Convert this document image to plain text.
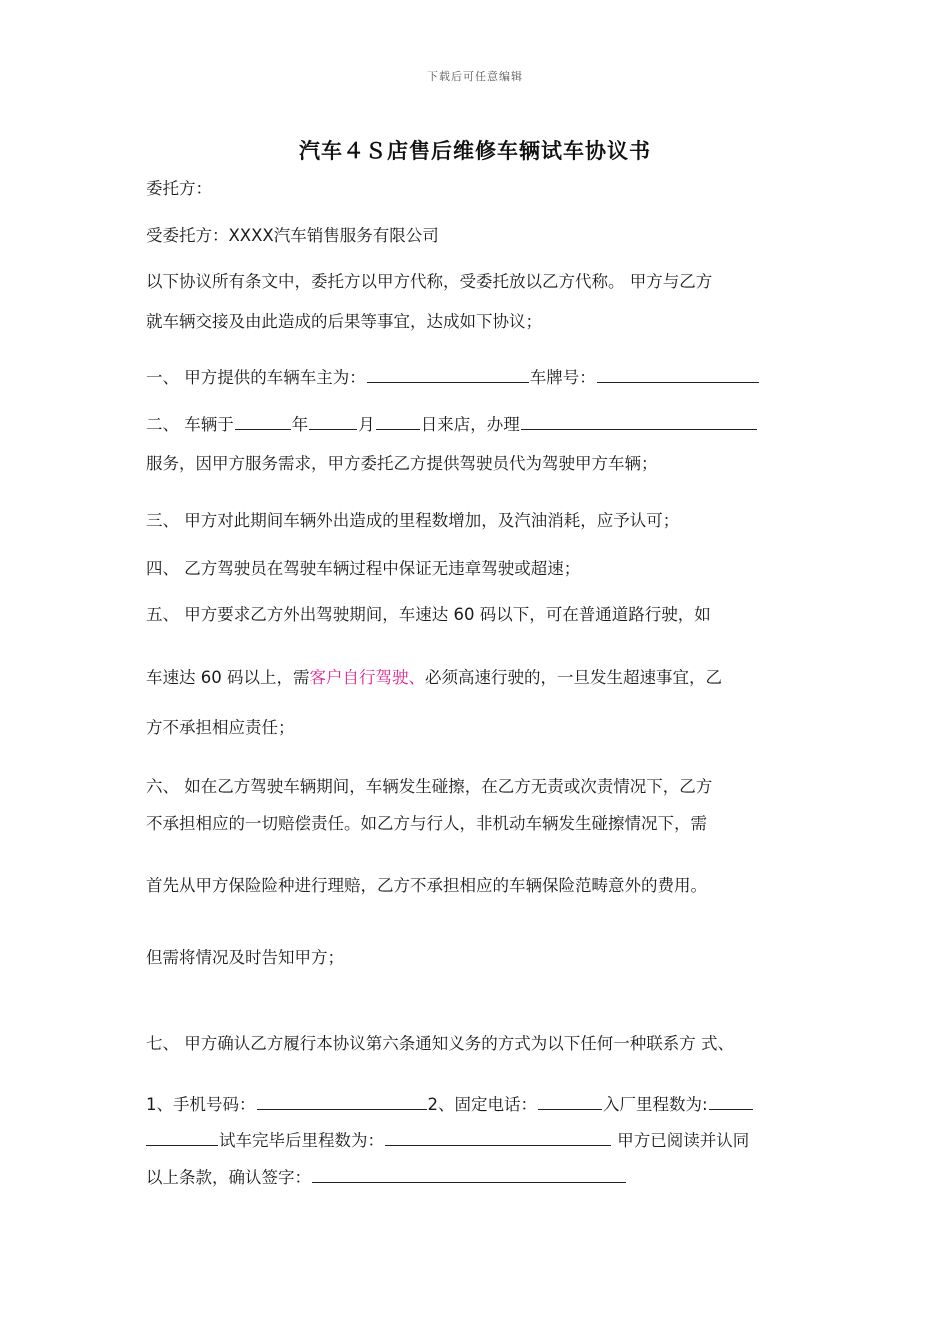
下载后可任意编辑
汽车４Ｓ店售后维修车辆试车协议书
委托方：
受委托方：XXXX汽车销售服务有限公司
以下协议所有条文中，委托方以甲方代称，受委托放以乙方代称。 甲方与乙方
就车辆交接及由此造成的后果等事宜，达成如下协议；
一、 甲方提供的车辆车主为：	车牌号：
二、 车辆于	年	月	日来店，办理
服务，因甲方服务需求，甲方委托乙方提供驾驶员代为驾驶甲方车辆；
三、 甲方对此期间车辆外出造成的里程数增加，及汽油消耗，应予认可；
四、 乙方驾驶员在驾驶车辆过程中保证无违章驾驶或超速；
五、 甲方要求乙方外出驾驶期间，车速达 60 码以下，可在普通道路行驶，如
车速达 60 码以上，需客户自行驾驶、必须高速行驶的，一旦发生超速事宜，乙
方不承担相应责任；
六、 如在乙方驾驶车辆期间，车辆发生碰擦，在乙方无责或次责情况下，乙方
不承担相应的一切赔偿责任。如乙方与行人，非机动车辆发生碰擦情况下，需
首先从甲方保险险种进行理赔，乙方不承担相应的车辆保险范畴意外的费用。
但需将情况及时告知甲方；
七、 甲方确认乙方履行本协议第六条通知义务的方式为以下任何一种联系方 式、
1、手机号码：	2、固定电话：	入厂里程数为:
试车完毕后里程数为：	甲方已阅读并认同
以上条款，确认签字：
